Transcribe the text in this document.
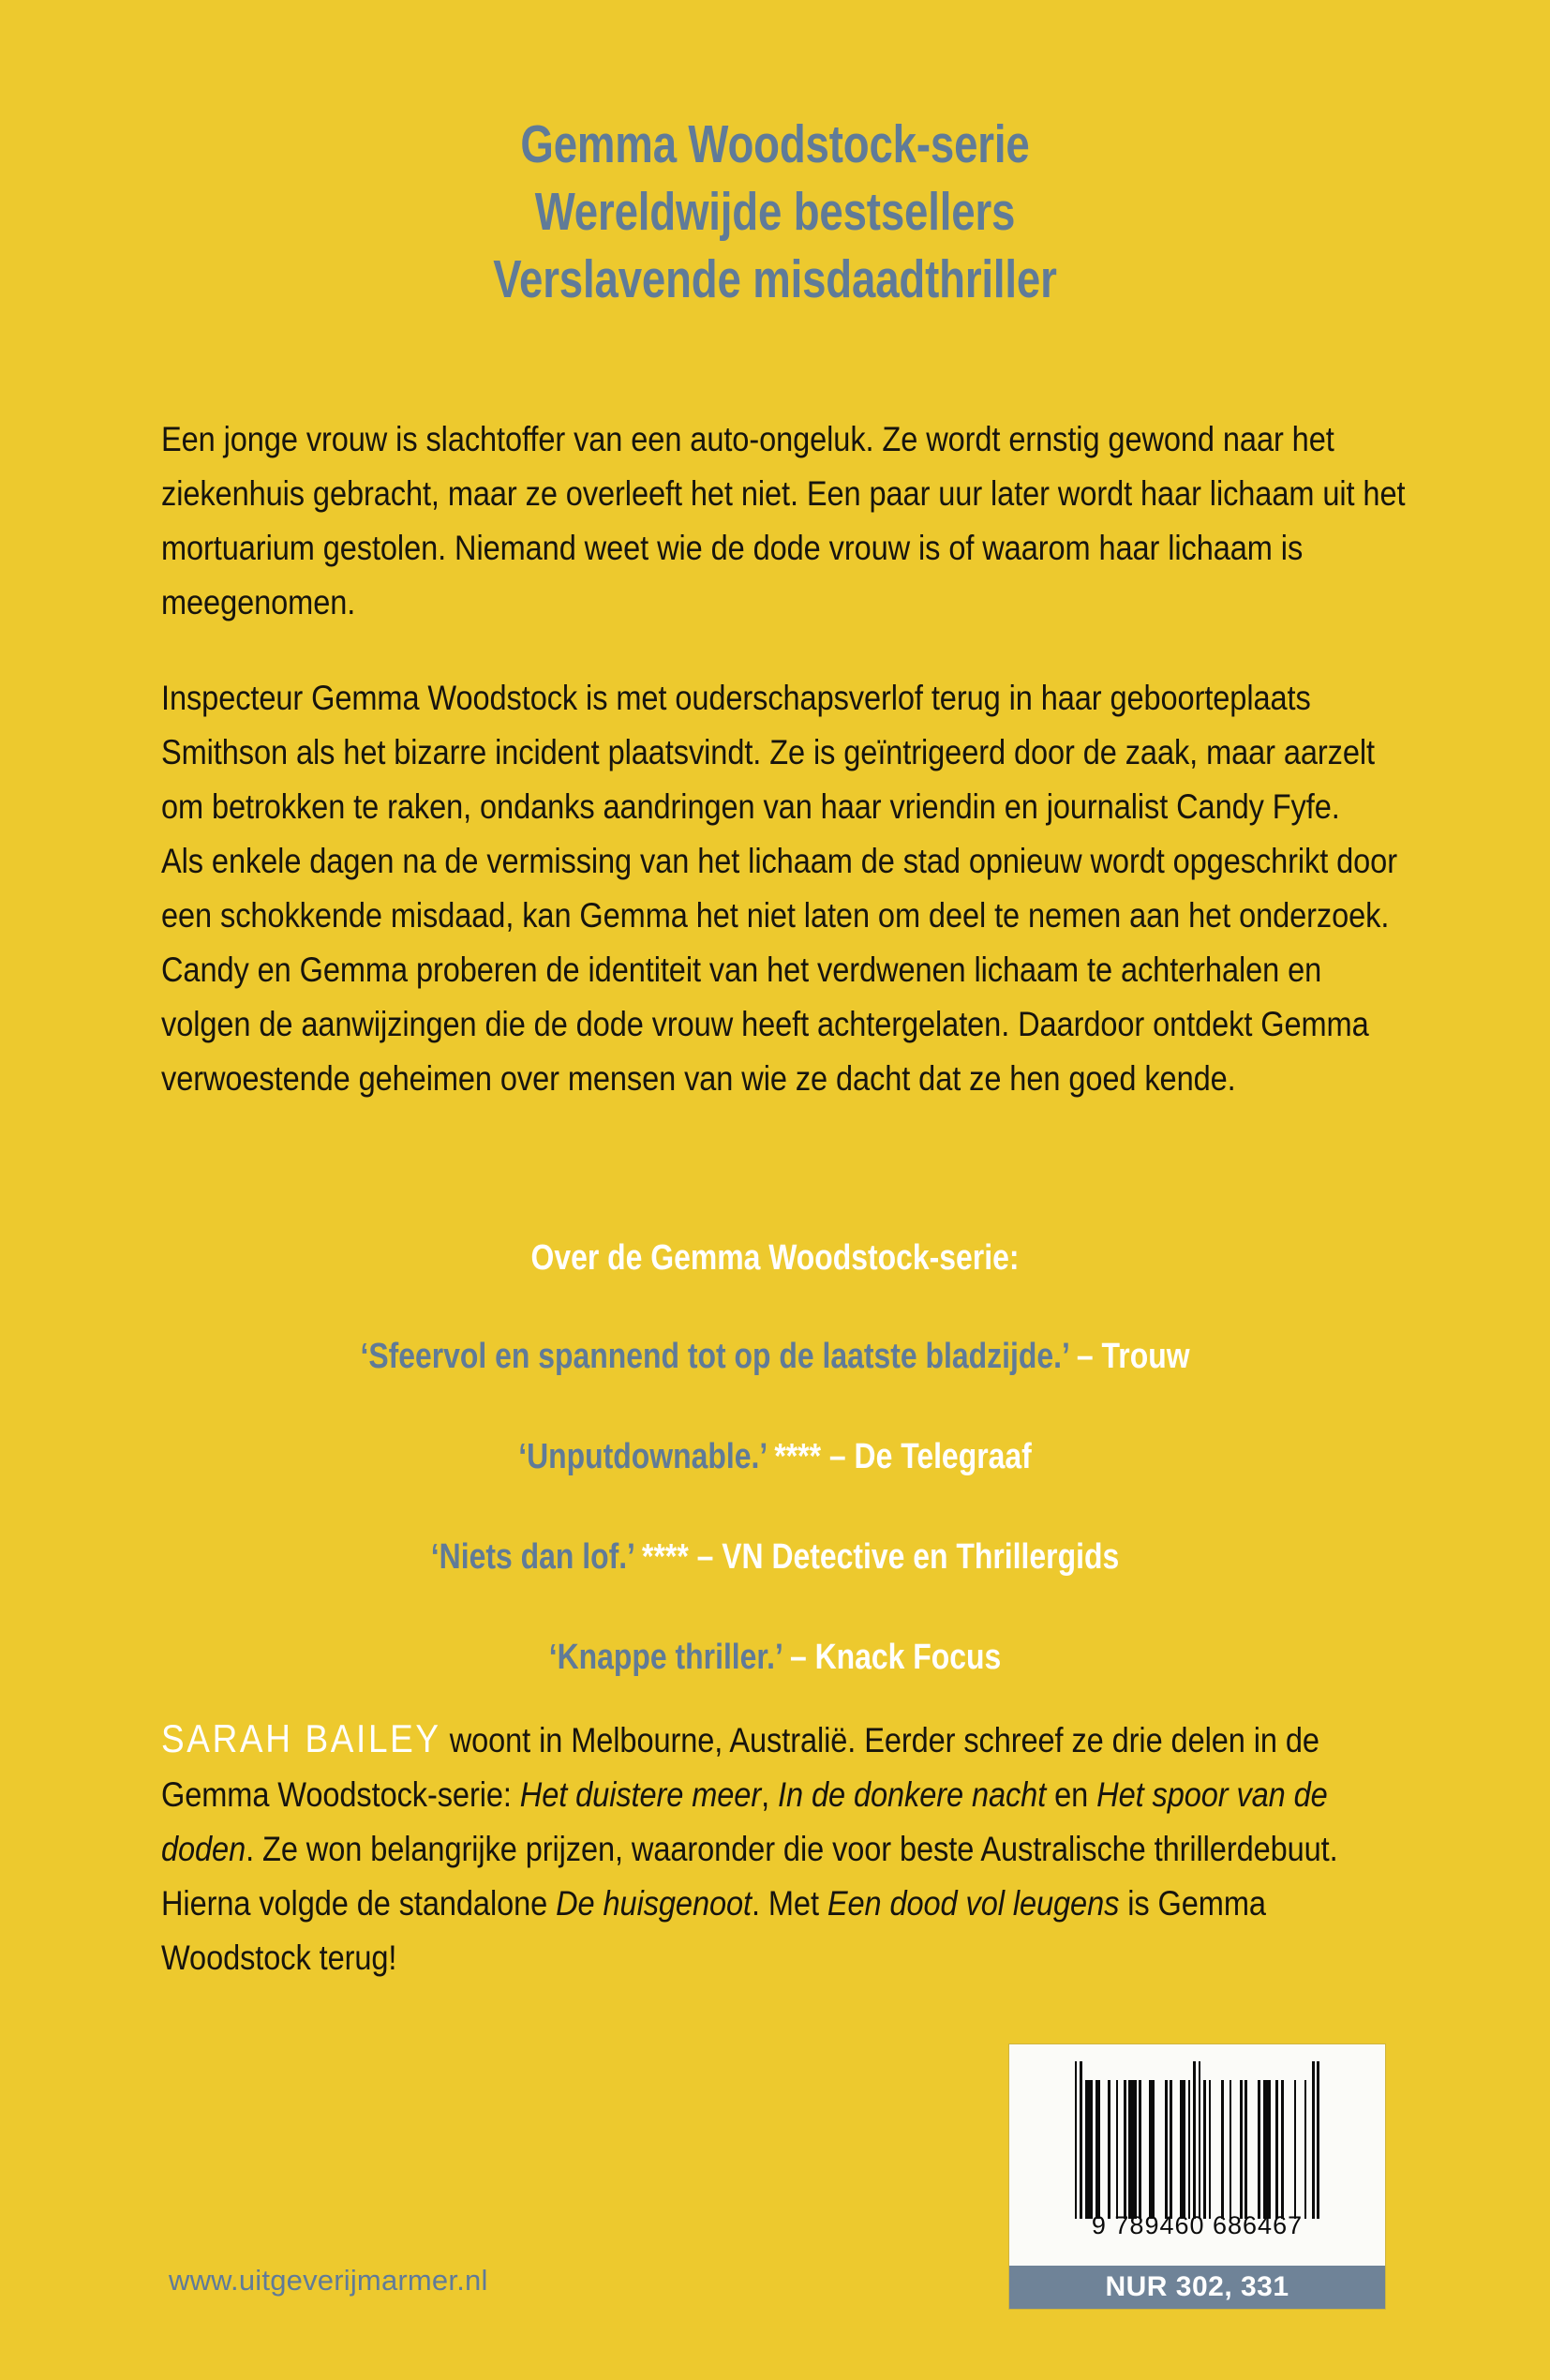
Gemma Woodstock-serie
Wereldwijde bestsellers
Verslavende misdaadthriller

Een jonge vrouw is slachtoffer van een auto-ongeluk. Ze wordt ernstig gewond naar het ziekenhuis gebracht, maar ze overleeft het niet. Een paar uur later wordt haar lichaam uit het mortuarium gestolen. Niemand weet wie de dode vrouw is of waarom haar lichaam is meegenomen.

Inspecteur Gemma Woodstock is met ouderschapsverlof terug in haar geboorteplaats Smithson als het bizarre incident plaatsvindt. Ze is geïntrigeerd door de zaak, maar aarzelt om betrokken te raken, ondanks aandringen van haar vriendin en journalist Candy Fyfe.

Als enkele dagen na de vermissing van het lichaam de stad opnieuw wordt opgeschrikt door een schokkende misdaad, kan Gemma het niet laten om deel te nemen aan het onderzoek. Candy en Gemma proberen de identiteit van het verdwenen lichaam te achterhalen en volgen de aanwijzingen die de dode vrouw heeft achtergelaten. Daardoor ontdekt Gemma verwoestende geheimen over mensen van wie ze dacht dat ze hen goed kende.

Over de Gemma Woodstock-serie:
‘Sfeervol en spannend tot op de laatste bladzijde.’ – Trouw
‘Unputdownable.’ **** – De Telegraaf
‘Niets dan lof.’ **** – VN Detective en Thrillergids
‘Knappe thriller.’ – Knack Focus

SARAH BAILEY woont in Melbourne, Australië. Eerder schreef ze drie delen in de Gemma Woodstock-serie: Het duistere meer, In de donkere nacht en Het spoor van de doden. Ze won belangrijke prijzen, waaronder die voor beste Australische thrillerdebuut. Hierna volgde de standalone De huisgenoot. Met Een dood vol leugens is Gemma Woodstock terug!

9 789460 686467
NUR 302, 331
www.uitgeverijmarmer.nl
